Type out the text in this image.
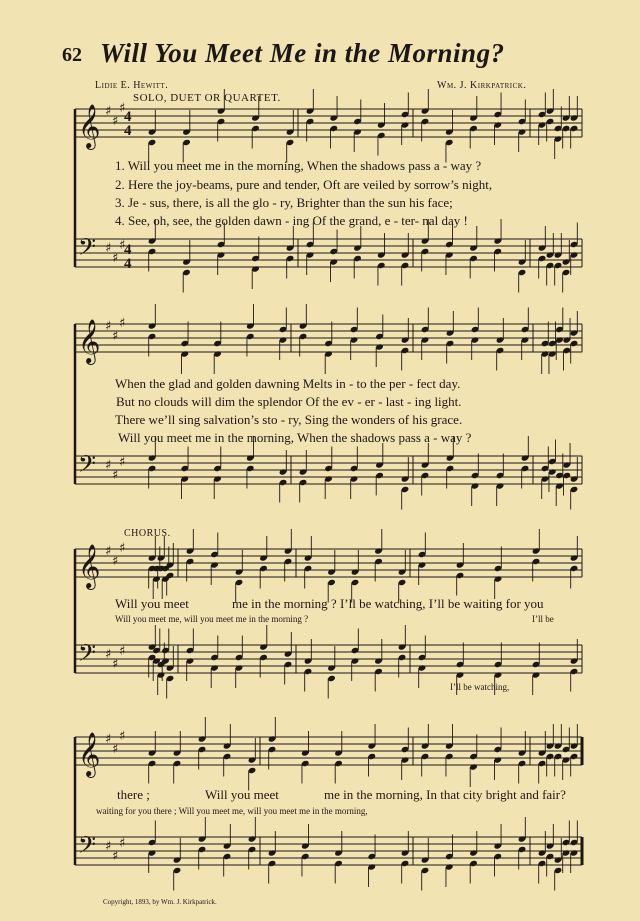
62 Will You Meet Me in the Morning?
Lidie E. Hewitt.	Wm. J. Kirkpatrick.
SOLO, DUET OR QUARTET.
𝄞 ♯
♯
♯
𝄢 ♯
♯
♯
𝄞 ♯
♯
♯
𝄢 ♯
♯
♯
𝄞 ♯
♯
♯
𝄢 ♯
♯
♯
𝄞 ♯
♯
♯
𝄢 ♯
♯
♯
4
4
4
4
1. Will you meet me in the morning, When the shadows pass a - way ?
2. Here the joy-beams, pure and tender, Oft are veiled by sorrow’s night,
3. Je - sus, there, is all the glo - ry, Brighter than the sun his face;
4. See, oh, see, the golden dawn - ing Of the grand, e - ter- nal day !
When the glad and golden dawning Melts in - to the per - fect day.
But no clouds will dim the splendor Of the ev - er - last - ing light.
There we’ll sing salvation’s sto - ry, Sing the wonders of his grace.
Will you meet me in the morning, When the shadows pass a - way ?
CHORUS.
Will you meet	me in the morning ? I’ll be watching, I’ll be waiting for you
Will you meet me, will you meet me in the morning ?	I’ll be
I’ll be watching,
there ;	Will you meet	me in the morning, In that city bright and fair?
waiting for you there ; Will you meet me, will you meet me in the morning,
Copyright, 1893, by Wm. J. Kirkpatrick.
